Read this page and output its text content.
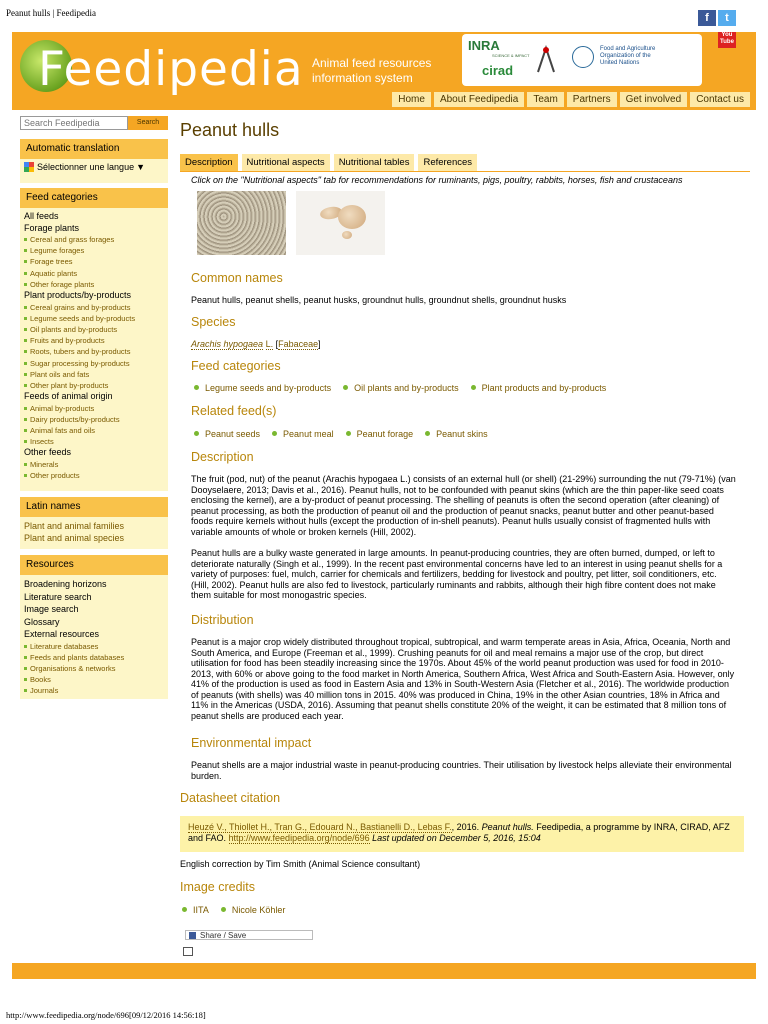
Peanut hulls | Feedipedia
Feedipedia Animal feed resources
information system
INRA
SCIENCE & IMPACT
cirad
Food and Agriculture
Organization of the
United Nations
f	t
You
Tube
Home	About Feedipedia	Team	Partners	Get involved	Contact us
Search Feedipedia
Search
Automatic translation
Sélectionner une langue ▼
Feed categories
All feeds
Forage plants
Cereal and grass forages
Legume forages
Forage trees
Aquatic plants
Other forage plants
Plant products/by-products
Cereal grains and by-products
Legume seeds and by-products
Oil plants and by-products
Fruits and by-products
Roots, tubers and by-products
Sugar processing by-products
Plant oils and fats
Other plant by-products
Feeds of animal origin
Animal by-products
Dairy products/by-products
Animal fats and oils
Insects
Other feeds
Minerals
Other products
Latin names
Plant and animal families
Plant and animal species
Resources
Broadening horizons
Literature search
Image search
Glossary
External resources
Literature databases
Feeds and plants databases
Organisations & networks
Books
Journals
Peanut hulls
Description	Nutritional aspects	Nutritional tables	References
Click on the "Nutritional aspects" tab for recommendations for ruminants, pigs, poultry, rabbits, horses, fish and crustaceans
Common names
Peanut hulls, peanut shells, peanut husks, groundnut hulls, groundnut shells, groundnut husks
Species
Arachis hypogaea L. [Fabaceae]
Feed categories
Legume seeds and by-products	Oil plants and by-products	Plant products and by-products
Related feed(s)
Peanut seeds	Peanut meal	Peanut forage	Peanut skins
Description
The fruit (pod, nut) of the peanut (Arachis hypogaea L.) consists of an external hull (or shell) (21-29%) surrounding the nut (79-71%) (van Dooyselaere, 2013; Davis et al., 2016). Peanut hulls, not to be confounded with peanut skins (which are the thin paper-like seed coats enclosing the kernel), are a by-product of peanut processing. The shelling of peanuts is often the second operation (after cleaning) of peanut processing, as both the production of peanut oil and the production of peanut snacks, peanut butter and other peanut-based foods require kernels without hulls (except the production of in-shell peanuts). Peanut hulls usually consist of fragmented hulls with variable amounts of whole or broken kernels (Hill, 2002).
Peanut hulls are a bulky waste generated in large amounts. In peanut-producing countries, they are often burned, dumped, or left to deteriorate naturally (Singh et al., 1999). In the recent past environmental concerns have led to an interest in using peanut shells for a variety of purposes: fuel, mulch, carrier for chemicals and fertilizers, bedding for livestock and poultry, pet litter, soil conditioners, etc. (Hill, 2002). Peanut hulls are also fed to livestock, particularly ruminants and rabbits, although their high fibre content does not make them suitable for most monogastric species.
Distribution
Peanut is a major crop widely distributed throughout tropical, subtropical, and warm temperate areas in Asia, Africa, Oceania, North and South America, and Europe (Freeman et al., 1999). Crushing peanuts for oil and meal remains a major use of the crop, but direct utilisation for food has been steadily increasing since the 1970s. About 45% of the world peanut production was used for food in 2010-2013, with 60% or above going to the food market in North America, Southern Africa, West Africa and South-Eastern Asia. However, only 41% of the production is used as food in Eastern Asia and 13% in South-Western Asia (Fletcher et al., 2016). The worldwide production of peanuts (with shells) was 40 million tons in 2015. 40% was produced in China, 19% in the other Asian countries, 18% in Africa and 11% in the Americas (USDA, 2016). Assuming that peanut shells constitute 20% of the weight, it can be estimated that 8 million tons of peanut shells are produced each year.
Environmental impact
Peanut shells are a major industrial waste in peanut-producing countries. Their utilisation by livestock helps alleviate their environmental burden.
Datasheet citation
Heuzé V., Thiollet H., Tran G., Edouard N., Bastianelli D., Lebas F., 2016. Peanut hulls. Feedipedia, a programme by INRA, CIRAD, AFZ and FAO. http://www.feedipedia.org/node/696 Last updated on December 5, 2016, 15:04
English correction by Tim Smith (Animal Science consultant)
Image credits
IITA	Nicole Köhler
Share / Save
http://www.feedipedia.org/node/696[09/12/2016 14:56:18]
